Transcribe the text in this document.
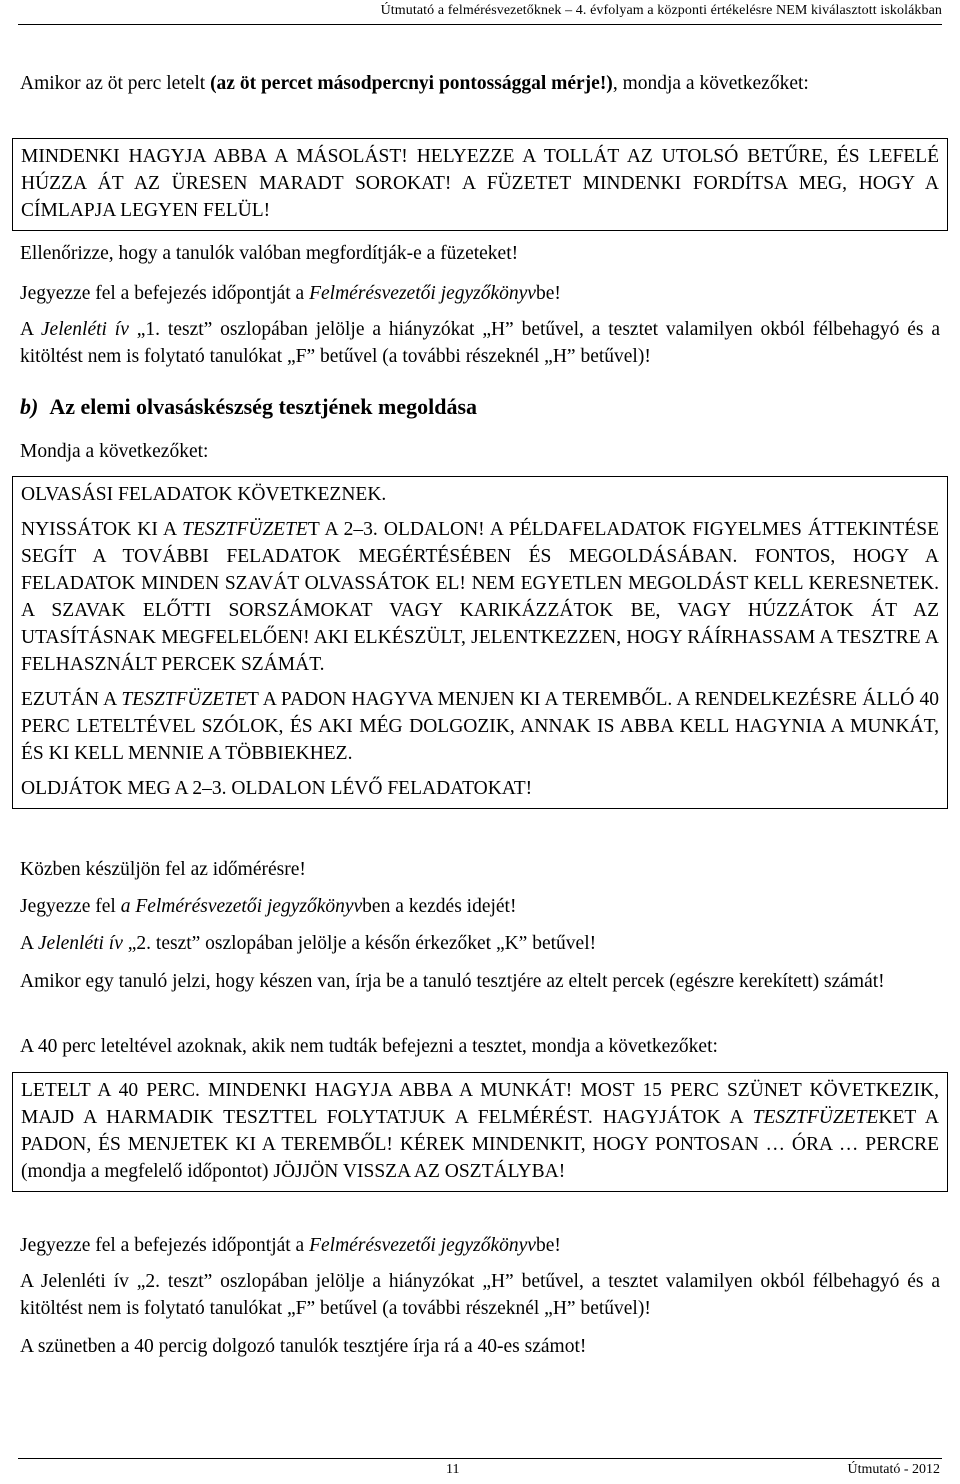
Útmutató a felmérésvezetőknek – 4. évfolyam a központi értékelésre NEM kiválasztott iskolákban

Amikor az öt perc letelt (az öt percet másodpercnyi pontossággal mérje!), mondja a következőket:

MINDENKI HAGYJA ABBA A MÁSOLÁST! HELYEZZE A TOLLÁT AZ UTOLSÓ BETŰRE, ÉS LEFELÉ HÚZZA ÁT AZ ÜRESEN MARADT SOROKAT! A FÜZETET MINDENKI FORDÍTSA MEG, HOGY A CÍMLAPJA LEGYEN FELÜL!

Ellenőrizze, hogy a tanulók valóban megfordítják-e a füzeteket!

Jegyezze fel a befejezés időpontját a Felmérésvezetői jegyzőkönyvbe!

A Jelenléti ív „1. teszt” oszlopában jelölje a hiányzókat „H” betűvel, a tesztet valamilyen okból félbehagyó és a kitöltést nem is folytató tanulókat „F” betűvel (a további részeknél „H” betűvel)!

b) Az elemi olvasáskészség tesztjének megoldása

Mondja a következőket:

OLVASÁSI FELADATOK KÖVETKEZNEK.

NYISSÁTOK KI A TESZTFÜZETET A 2–3. OLDALON! A PÉLDAFELADATOK FIGYELMES ÁTTEKINTÉSE SEGÍT A TOVÁBBI FELADATOK MEGÉRTÉSÉBEN ÉS MEGOLDÁSÁBAN. FONTOS, HOGY A FELADATOK MINDEN SZAVÁT OLVASSÁTOK EL! NEM EGYETLEN MEGOLDÁST KELL KERESNETEK. A SZAVAK ELŐTTI SORSZÁMOKAT VAGY KARIKÁZZÁTOK BE, VAGY HÚZZÁTOK ÁT AZ UTASÍTÁSNAK MEGFELELŐEN! AKI ELKÉSZÜLT, JELENTKEZZEN, HOGY RÁÍRHASSAM A TESZTRE A FELHASZNÁLT PERCEK SZÁMÁT.

EZUTÁN A TESZTFÜZETET A PADON HAGYVA MENJEN KI A TEREMBŐL. A RENDELKEZÉSRE ÁLLÓ 40 PERC LETELTÉVEL SZÓLOK, ÉS AKI MÉG DOLGOZIK, ANNAK IS ABBA KELL HAGYNIA A MUNKÁT, ÉS KI KELL MENNIE A TÖBBIEKHEZ.

OLDJÁTOK MEG A 2–3. OLDALON LÉVŐ FELADATOKAT!

Közben készüljön fel az időmérésre!

Jegyezze fel a Felmérésvezetői jegyzőkönyvben a kezdés idejét!

A Jelenléti ív „2. teszt” oszlopában jelölje a későn érkezőket „K” betűvel!

Amikor egy tanuló jelzi, hogy készen van, írja be a tanuló tesztjére az eltelt percek (egészre kerekített) számát!

A 40 perc leteltével azoknak, akik nem tudták befejezni a tesztet, mondja a következőket:

LETELT A 40 PERC. MINDENKI HAGYJA ABBA A MUNKÁT! MOST 15 PERC SZÜNET KÖVETKEZIK, MAJD A HARMADIK TESZTTEL FOLYTATJUK A FELMÉRÉST. HAGYJÁTOK A TESZTFÜZETEKET A PADON, ÉS MENJETEK KI A TEREMBŐL! KÉREK MINDENKIT, HOGY PONTOSAN … ÓRA … PERCRE (mondja a megfelelő időpontot) JÖJJÖN VISSZA AZ OSZTÁLYBA!

Jegyezze fel a befejezés időpontját a Felmérésvezetői jegyzőkönyvbe!

A Jelenléti ív „2. teszt” oszlopában jelölje a hiányzókat „H” betűvel, a tesztet valamilyen okból félbehagyó és a kitöltést nem is folytató tanulókat „F” betűvel (a további részeknél „H” betűvel)!

A szünetben a 40 percig dolgozó tanulók tesztjére írja rá a 40-es számot!

11	Útmutató - 2012
